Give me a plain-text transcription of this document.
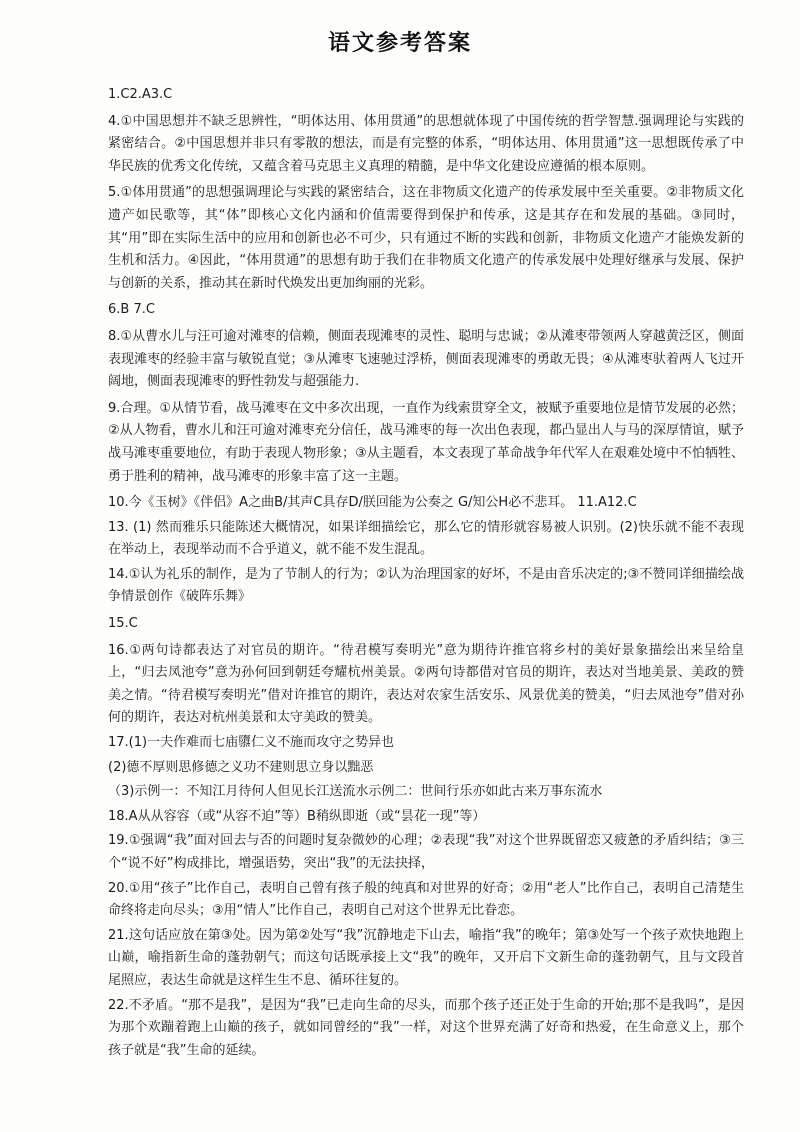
语文参考答案

1.C2.A3.C

4.①中国思想并不缺乏思辨性，“明体达用、体用贯通”的思想就体现了中国传统的哲学智慧.强调理论与实践的紧密结合。②中国思想并非只有零散的想法，而是有完整的体系，“明体达用、体用贯通”这一思想既传承了中华民族的优秀文化传统，又蕴含着马克思主义真理的精髓，是中华文化建设应遵循的根本原则。

5.①体用贯通”的思想强调理论与实践的紧密结合，这在非物质文化遗产的传承发展中至关重要。②非物质文化遗产如民歌等，其“体”即核心文化内涵和价值需要得到保护和传承，这是其存在和发展的基础。③同时，其“用”即在实际生活中的应用和创新也必不可少，只有通过不断的实践和创新，非物质文化遗产才能焕发新的生机和活力。④因此，“体用贯通”的思想有助于我们在非物质文化遗产的传承发展中处理好继承与发展、保护与创新的关系，推动其在新时代焕发出更加绚丽的光彩。

6.B 7.C

8.①从曹水儿与汪可逾对滩枣的信赖，侧面表现滩枣的灵性、聪明与忠诚；②从滩枣带领两人穿越黄泛区，侧面表现滩枣的经验丰富与敏锐直觉；③从滩枣飞速驰过浮桥，侧面表现滩枣的勇敢无畏；④从滩枣驮着两人飞过开阔地，侧面表现滩枣的野性勃发与超强能力.

9.合理。①从情节看，战马滩枣在文中多次出现，一直作为线索贯穿全文，被赋予重要地位是情节发展的必然；②从人物看，曹水儿和汪可逾对滩枣充分信任，战马滩枣的每一次出色表现，都凸显出人与马的深厚情谊，赋予战马滩枣重要地位，有助于表现人物形象；③从主题看，本文表现了革命战争年代军人在艰难处境中不怕牺牲、勇于胜利的精神，战马滩枣的形象丰富了这一主题。

10.今《玉树》《伴侣》A之曲B/其声C具存D/朕回能为公奏之 G/知公H必不悲耳。 11.A12.C

13. (1) 然而雅乐只能陈述大概情况，如果详细描绘它，那么它的情形就容易被人识别。(2)快乐就不能不表现在举动上，表现举动而不合乎道义，就不能不发生混乱。

14.①认为礼乐的制作，是为了节制人的行为；②认为治理国家的好坏，不是由音乐决定的;③不赞同详细描绘战争情景创作《破阵乐舞》

15.C

16.①两句诗都表达了对官员的期许。“待君模写奏明光”意为期待许推官将乡村的美好景象描绘出来呈给皇上，“归去凤池夸”意为孙何回到朝廷夸耀杭州美景。②两句诗都借对官员的期许，表达对当地美景、美政的赞美之情。“待君模写奏明光”借对许推官的期许，表达对农家生活安乐、风景优美的赞美，“归去凤池夸”借对孙何的期许，表达对杭州美景和太守美政的赞美。

17.(1)一夫作难而七庙隳仁义不施而攻守之势异也

(2)德不厚则思修德之义功不建则思立身以黜恶

（3)示例一：不知江月待何人但见长江送流水示例二：世间行乐亦如此古来万事东流水

18.A从从容容（或“从容不迫”等）B稍纵即逝（或“昙花一现”等）

19.①强调“我”面对回去与否的问题时复杂微妙的心理；②表现“我”对这个世界既留恋又疲惫的矛盾纠结；③三个“说不好”构成排比，增强语势，突出“我”的无法抉择，

20.①用“孩子”比作自己，表明自己曾有孩子般的纯真和对世界的好奇；②用“老人”比作自己，表明自己清楚生命终将走向尽头；③用“情人”比作自己，表明自己对这个世界无比眷恋。

21.这句话应放在第③处。因为第②处写“我”沉静地走下山去，喻指“我”的晚年；第③处写一个孩子欢快地跑上山巅，喻指新生命的蓬勃朝气；而这句话既承接上文“我”的晚年，又开启下文新生命的蓬勃朝气，且与文段首尾照应，表达生命就是这样生生不息、循环往复的。

22.不矛盾。“那不是我”，是因为“我”已走向生命的尽头，而那个孩子还正处于生命的开始;那不是我吗”，是因为那个欢蹦着跑上山巅的孩子，就如同曾经的“我”一样，对这个世界充满了好奇和热爱，在生命意义上，那个孩子就是“我”生命的延续。
